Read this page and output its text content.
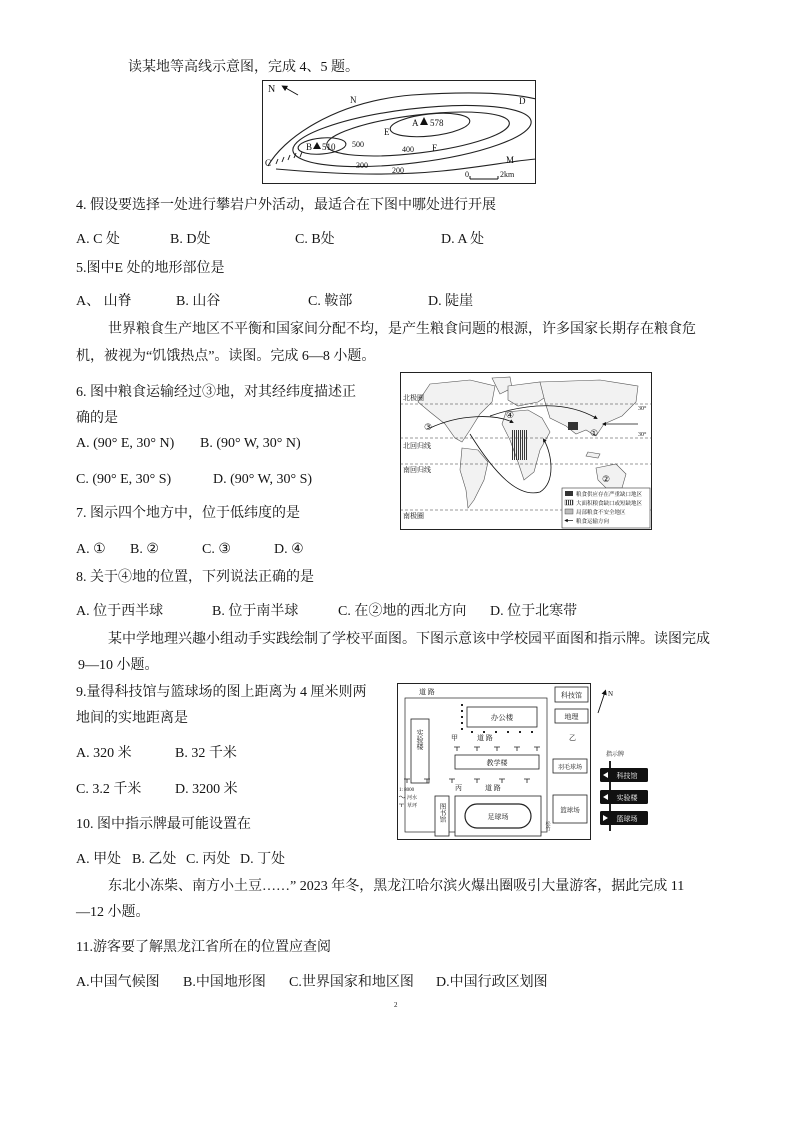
读某地等高线示意图，完成 4、5 题。
N
A 578
B 510
N	D
E
500
400 F
300
200
C	M
0	2km
4. 假设要选择一处进行攀岩户外活动，最适合在下图中哪处进行开展
A. C 处	B. D处	C. B处	D. A 处
5.图中E 处的地形部位是
A、 山脊	B. 山谷	C. 鞍部	D. 陡崖
世界粮食生产地区不平衡和国家间分配不均，是产生粮食问题的根源，许多国家长期存在粮食危
机，被视为“饥饿热点”。读图。完成 6—8 小题。
北极圈
北回归线
南回归线
南极圈
30°
30°
①
②
③
④
粮食供应存在严重缺口地区
大面积粮食缺口或短缺地区
局部粮食不安全地区
粮食运输方向
6. 图中粮食运输经过③地，对其经纬度描述正
确的是
A. (90° E, 30° N) B. (90° W, 30° N)
C. (90° E, 30° S)	D. (90° W, 30° S)
7. 图示四个地方中，位于低纬度的是
A. ① B. ②	C. ③	D. ④
8. 关于④地的位置，下列说法正确的是
A. 位于西半球	B. 位于南半球	C. 在②地的西北方向 D. 位于北寒带
某中学地理兴趣小组动手实践绘制了学校平面图。下图示意该中学校园平面图和指示牌。读图完成
9—10 小题。
道 路
实验楼
办公楼
甲	道 路	乙
教学楼
羽毛球场
丙	道 路
图书馆	足球场
篮球场
松竹
科技馆
地理
1: 8000
河水
草坪
N
指示牌
科技馆
实验楼
篮球场
9.量得科技馆与篮球场的图上距离为 4 厘米则两
地间的实地距离是
A. 320 米	B. 32 千米
C. 3.2 千米 D. 3200 米
10. 图中指示牌最可能设置在
A. 甲处 B. 乙处 C. 丙处 D. 丁处
东北小冻柴、南方小土豆……” 2023 年冬，黑龙江哈尔滨火爆出圈吸引大量游客，据此完成 11
—12 小题。
11.游客要了解黑龙江省所在的位置应查阅
A.中国气候图 B.中国地形图 C.世界国家和地区图 D.中国行政区划图
2
